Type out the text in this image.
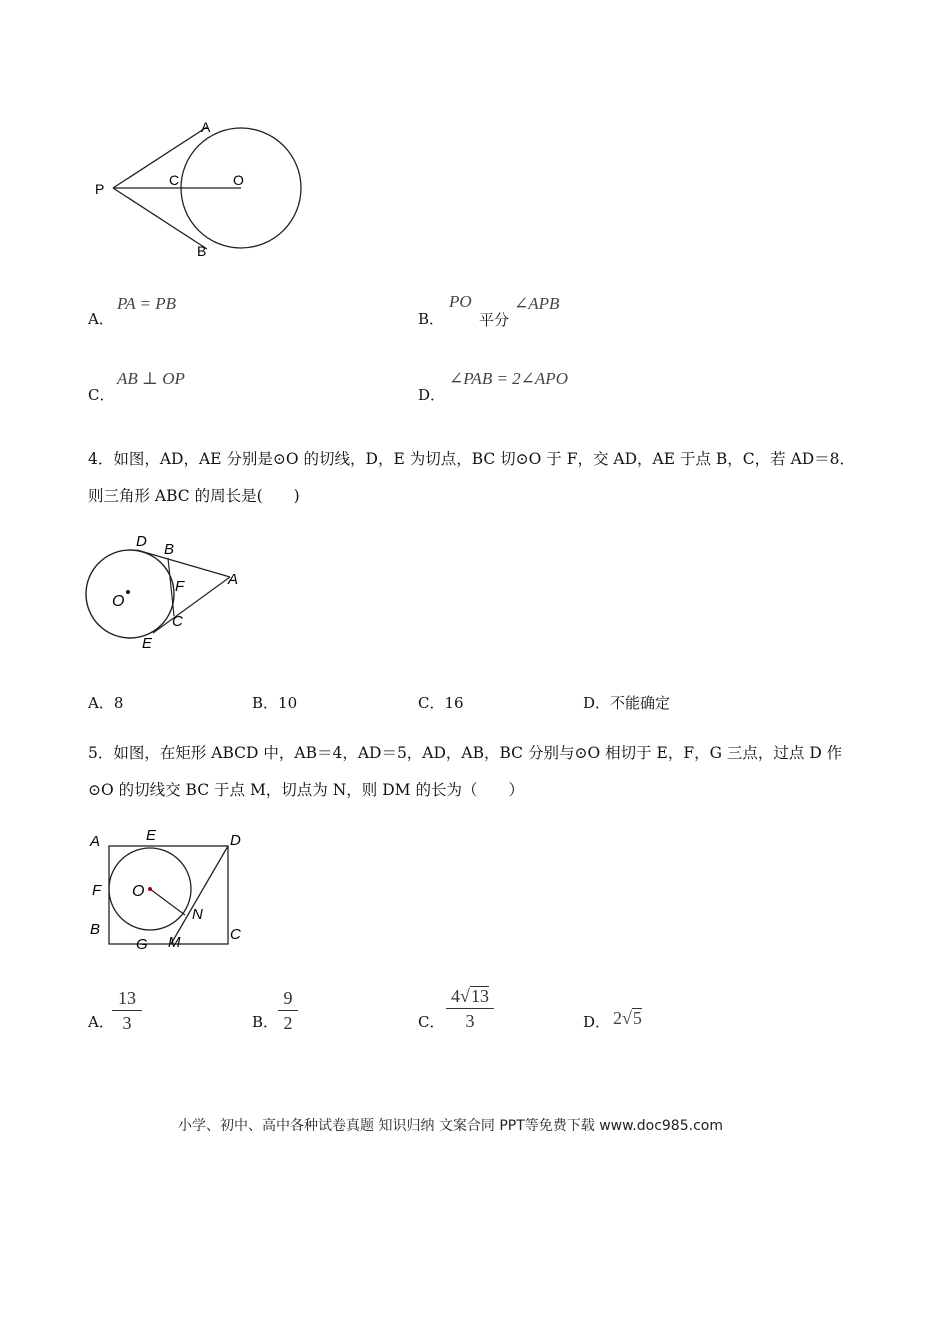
A
P
C	O
B
A．
PA = PB
B．
PO
平分
∠APB
C．
AB ⊥ OP
D．
∠PAB = 2∠APO
4．如图，AD，AE 分别是⊙O 的切线，D，E 为切点，BC 切⊙O 于 F，交 AD，AE 于点 B，C，若 AD＝8．
则三角形 ABC 的周长是(　　)
D B
A
F
O
C
E
A．8	B．10	C．16	D．不能确定
5．如图，在矩形 ABCD 中，AB＝4，AD＝5，AD，AB，BC 分别与⊙O 相切于 E，F，G 三点，过点 D 作
⊙O 的切线交 BC 于点 M，切点为 N，则 DM 的长为（　　）
A	E	D
F O
N
B
G M	C
A．
13
3	B．
9
2	C．
4√13
3	D． 2√5
小学、初中、高中各种试卷真题 知识归纳 文案合同 PPT等免费下载 www.doc985.com
